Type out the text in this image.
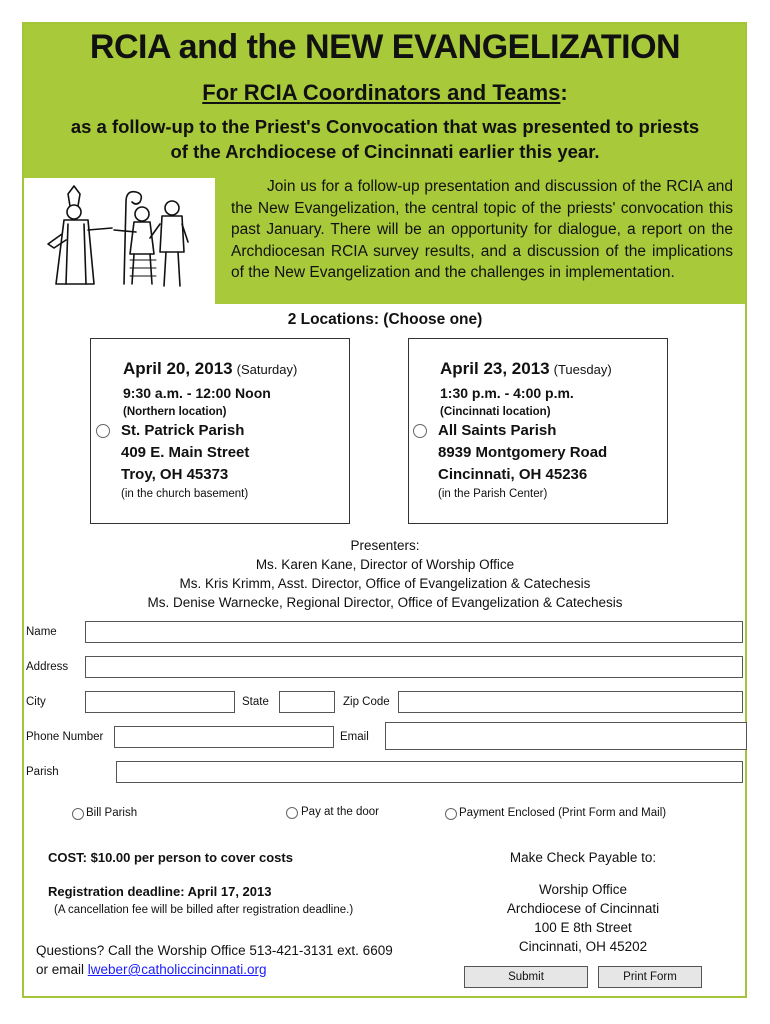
RCIA and the NEW EVANGELIZATION
For RCIA Coordinators and Teams:
as a follow-up to the Priest's Convocation that was presented to priests
of the Archdiocese of Cincinnati earlier this year.
Join us for a follow-up presentation and discussion of the RCIA and the New Evangelization, the central topic of the priests' convocation this past January. There will be an opportunity for dialogue, a report on the Archdiocesan RCIA survey results, and a discussion of the implications of the New Evangelization and the challenges in implementation.
2 Locations: (Choose one)
April 20, 2013 (Saturday)
9:30 a.m. - 12:00 Noon
(Northern location)
St. Patrick Parish
409 E. Main Street
Troy, OH 45373
(in the church basement)
April 23, 2013 (Tuesday)
1:30 p.m. - 4:00 p.m.
(Cincinnati location)
All Saints Parish
8939 Montgomery Road
Cincinnati, OH 45236
(in the Parish Center)
Presenters:
Ms. Karen Kane, Director of Worship Office
Ms. Kris Krimm, Asst. Director, Office of Evangelization & Catechesis
Ms. Denise Warnecke, Regional Director, Office of Evangelization & Catechesis
Name
Address
City	State	Zip Code
Phone Number	Email
Parish
Bill Parish	Pay at the door	Payment Enclosed (Print Form and Mail)
COST: $10.00 per person to cover costs
Registration deadline: April 17, 2013
(A cancellation fee will be billed after registration deadline.)
Questions? Call the Worship Office 513-421-3131 ext. 6609
or email lweber@catholiccincinnati.org
Make Check Payable to:
Worship Office
Archdiocese of Cincinnati
100 E 8th Street
Cincinnati, OH 45202
Submit	Print Form
